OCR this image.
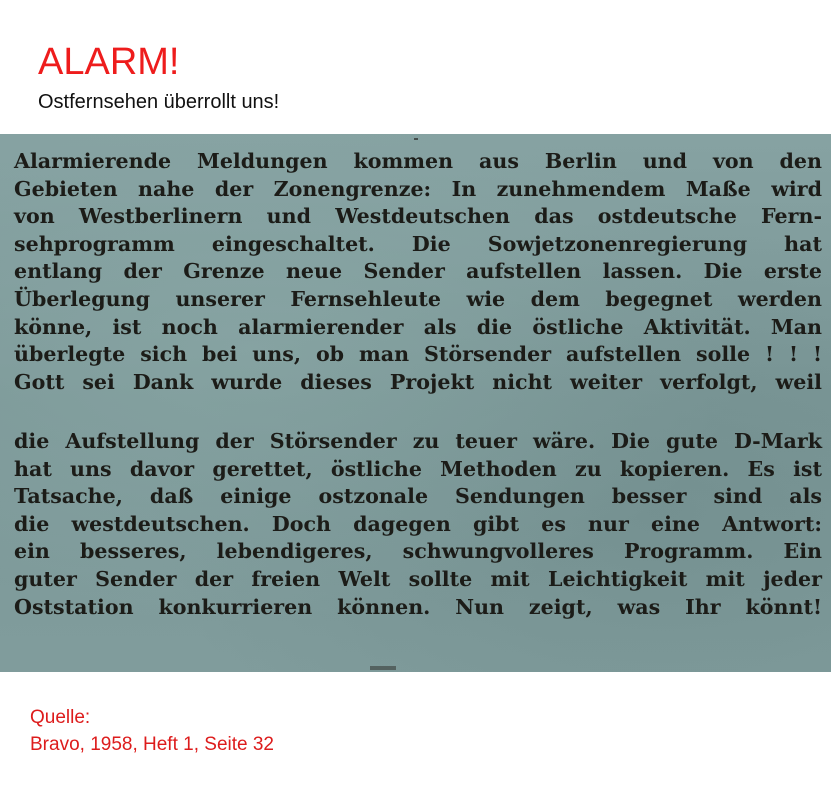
ALARM!

Ostfernsehen überrollt uns!

Alarmierende Meldungen kommen aus Berlin und von den
Gebieten nahe der Zonengrenze: In zunehmendem Maße wird
von Westberlinern und Westdeutschen das ostdeutsche Fern-
sehprogramm eingeschaltet. Die Sowjetzonenregierung hat
entlang der Grenze neue Sender aufstellen lassen. Die erste
Überlegung unserer Fernsehleute wie dem begegnet werden
könne, ist noch alarmierender als die östliche Aktivität. Man
überlegte sich bei uns, ob man Störsender aufstellen solle ! ! !
Gott sei Dank wurde dieses Projekt nicht weiter verfolgt, weil
die Aufstellung der Störsender zu teuer wäre. Die gute D-Mark
hat uns davor gerettet, östliche Methoden zu kopieren. Es ist
Tatsache, daß einige ostzonale Sendungen besser sind als
die westdeutschen. Doch dagegen gibt es nur eine Antwort:
ein besseres, lebendigeres, schwungvolleres Programm. Ein
guter Sender der freien Welt sollte mit Leichtigkeit mit jeder
Oststation konkurrieren können. Nun zeigt, was Ihr könnt!

Quelle:

Bravo, 1958, Heft 1, Seite 32
